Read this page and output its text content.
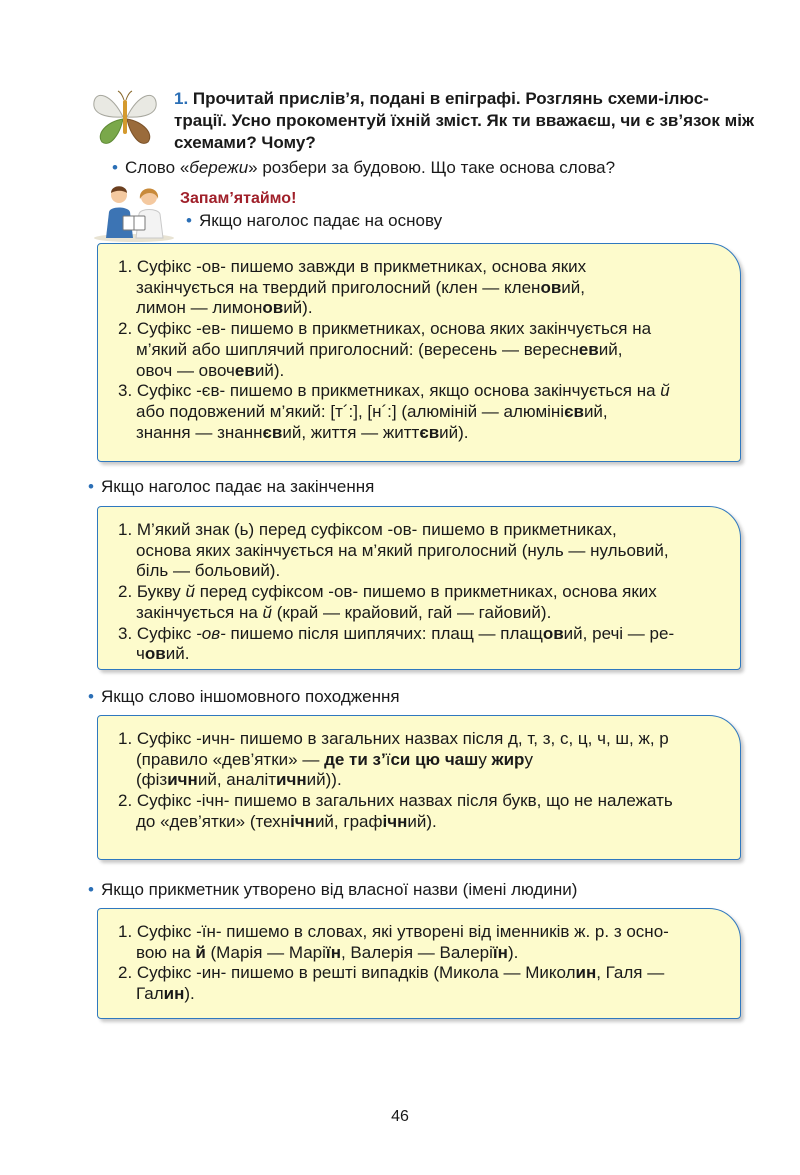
1. Прочитай прислів’я, подані в епіграфі. Розглянь схеми-ілюс- трації. Усно прокоментуй їхній зміст. Як ти вважаєш, чи є зв’язок між схемами? Чому?
• Слово «бережи» розбери за будовою. Що таке основа слова?
Запам’ятаймо!
• Якщо наголос падає на основу

1. Суфікс -ов- пишемо завжди в прикметниках, основа яких
закінчується на твердий приголосний (клен — кленовий,
лимон — лимоновий).

2. Суфікс -ев- пишемо в прикметниках, основа яких закінчується на
м’який або шиплячий приголосний: (вересень — вересневий,
овоч — овочевий).

3. Суфікс -єв- пишемо в прикметниках, якщо основа закінчується на й
або подовжений м’який: [т´:], [н´:] (алюміній — алюмінієвий,
знання — знаннєвий, життя — життєвий).

• Якщо наголос падає на закінчення

1. М’який знак (ь) перед суфіксом -ов- пишемо в прикметниках,
основа яких закінчується на м’який приголосний (нуль — нульовий,
біль — больовий).

2. Букву й перед суфіксом -ов- пишемо в прикметниках, основа яких
закінчується на й (край — крайовий, гай — гайовий).

3. Суфікс -ов- пишемо після шиплячих: плащ — плащовий, речі — ре-
човий.

• Якщо слово іншомовного походження

1. Суфікс -ичн- пишемо в загальних назвах після д, т, з, с, ц, ч, ш, ж, р
(правило «дев’ятки» — де ти з’їси цю чашу жиру
(фізичний, аналітичний)).

2. Суфікс -ічн- пишемо в загальних назвах після букв, що не належать
до «дев’ятки» (технічний, графічний).

• Якщо прикметник утворено від власної назви (імені людини)

1. Суфікс -їн- пишемо в словах, які утворені від іменників ж. р. з осно-
вою на й (Марія — Маріїн, Валерія — Валеріїн).

2. Суфікс -ин- пишемо в решті випадків (Микола — Миколин, Галя —
Галин).

46
